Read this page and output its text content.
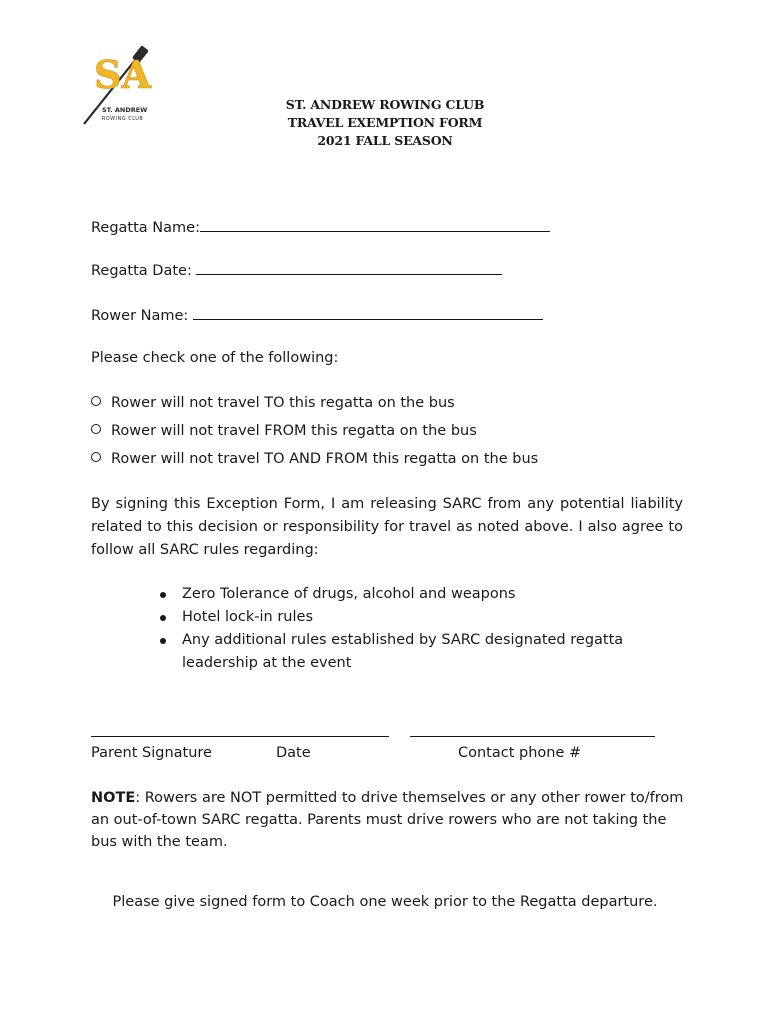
SA
ST. ANDREW
ROWING CLUB
ST. ANDREW ROWING CLUB
TRAVEL EXEMPTION FORM
2021 FALL SEASON
Regatta Name:
Regatta Date:
Rower Name:
Please check one of the following:
Rower will not travel TO this regatta on the bus
Rower will not travel FROM this regatta on the bus
Rower will not travel TO AND FROM this regatta on the bus
By signing this Exception Form, I am releasing SARC from any potential liability related to this decision or responsibility for travel as noted above. I also agree to follow all SARC rules regarding:
Zero Tolerance of drugs, alcohol and weapons
Hotel lock-in rules
Any additional rules established by SARC designated regatta leadership at the event
Parent Signature	Date	Contact phone #
NOTE: Rowers are NOT permitted to drive themselves or any other rower to/from an out-of-town SARC regatta. Parents must drive rowers who are not taking the bus with the team.
Please give signed form to Coach one week prior to the Regatta departure.
